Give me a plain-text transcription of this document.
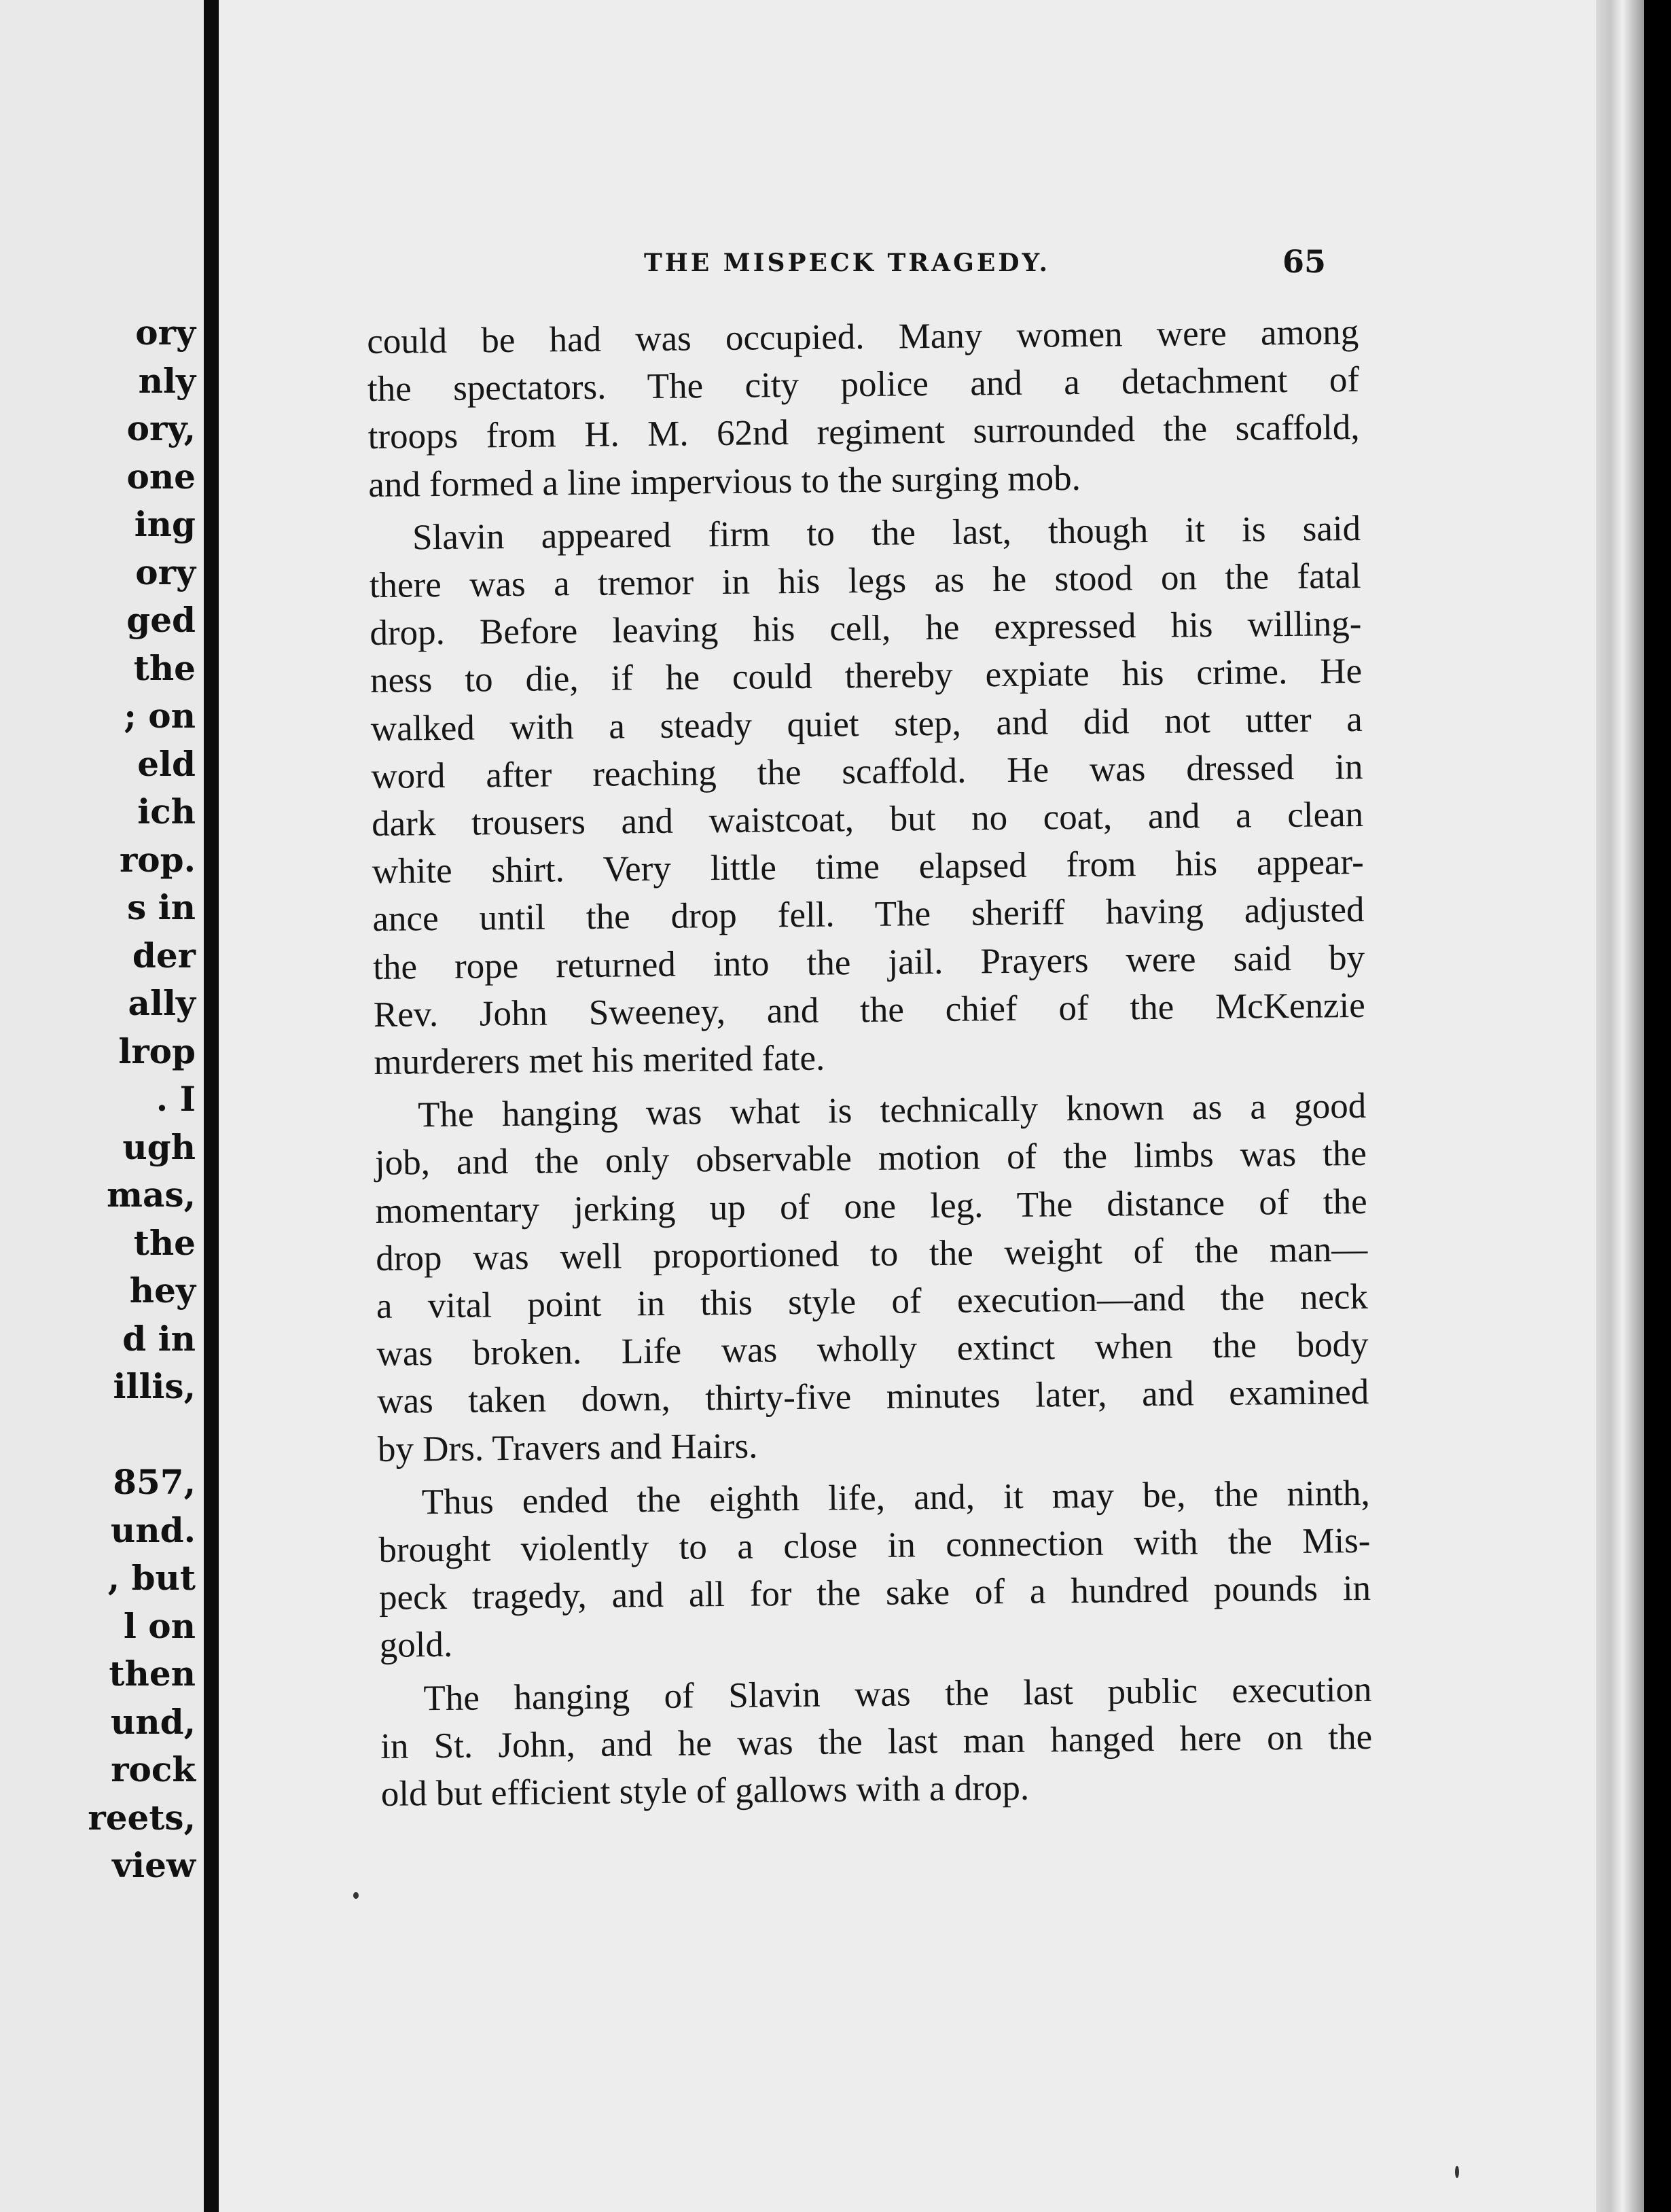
ory
nly
ory,
one
ing
ory
ged
the
; on
eld
ich
rop.
s in
der
ally
lrop
. I
ugh
mas,
the
hey
d in
illis,

857,
und.
, but
l on
then
und,
rock
reets,
view
THE MISPECK TRAGEDY.	65
could be had was occupied. Many women were among
the spectators. The city police and a detachment of
troops from H. M. 62nd regiment surrounded the scaffold,
and formed a line impervious to the surging mob.
Slavin appeared firm to the last, though it is said
there was a tremor in his legs as he stood on the fatal
drop. Before leaving his cell, he expressed his willing-
ness to die, if he could thereby expiate his crime. He
walked with a steady quiet step, and did not utter a
word after reaching the scaffold. He was dressed in
dark trousers and waistcoat, but no coat, and a clean
white shirt. Very little time elapsed from his appear-
ance until the drop fell. The sheriff having adjusted
the rope returned into the jail. Prayers were said by
Rev. John Sweeney, and the chief of the McKenzie
murderers met his merited fate.
The hanging was what is technically known as a good
job, and the only observable motion of the limbs was the
momentary jerking up of one leg. The distance of the
drop was well proportioned to the weight of the man—
a vital point in this style of execution—and the neck
was broken. Life was wholly extinct when the body
was taken down, thirty-five minutes later, and examined
by Drs. Travers and Hairs.
Thus ended the eighth life, and, it may be, the ninth,
brought violently to a close in connection with the Mis-
peck tragedy, and all for the sake of a hundred pounds in
gold.
The hanging of Slavin was the last public execution
in St. John, and he was the last man hanged here on the
old but efficient style of gallows with a drop.
